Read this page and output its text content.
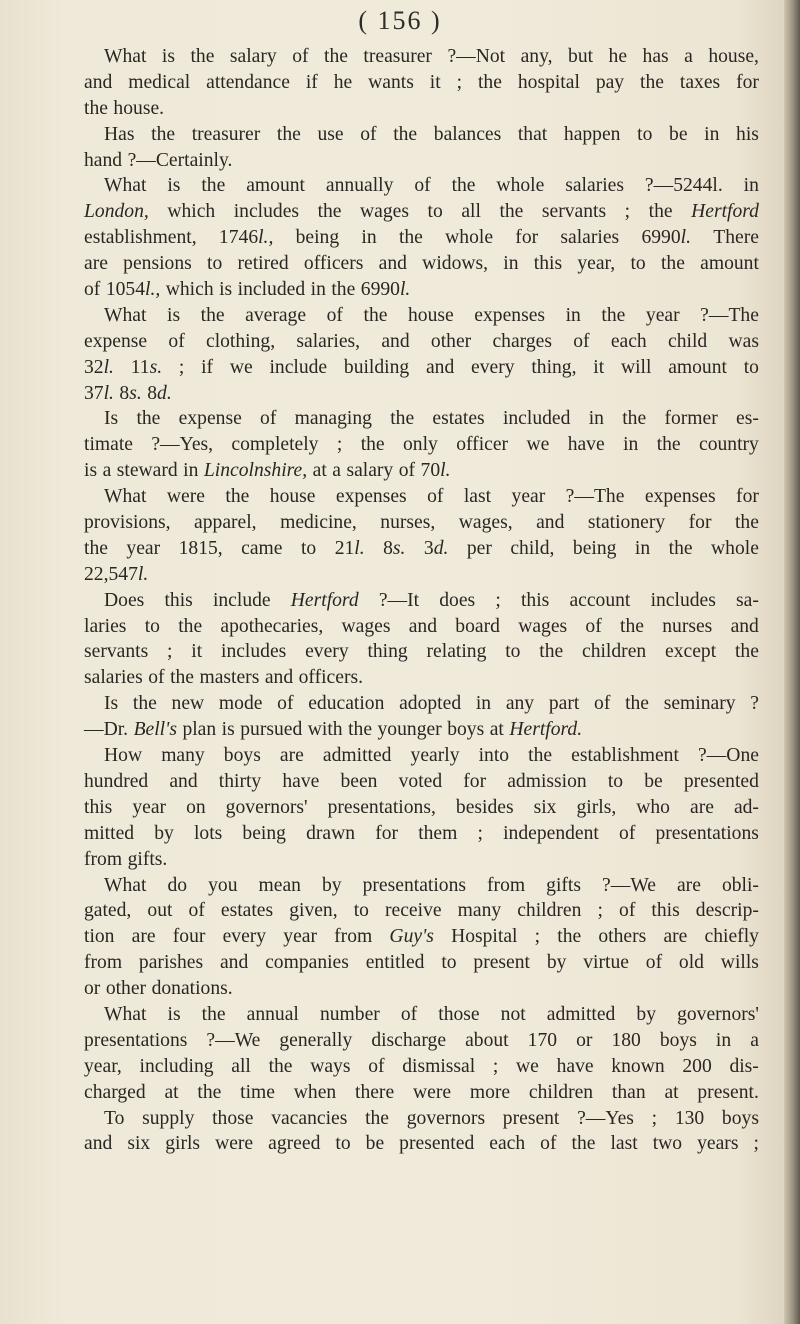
( 156 )
What is the salary of the treasurer ?—Not any, but he has a house,
and medical attendance if he wants it ; the hospital pay the taxes for
the house.
Has the treasurer the use of the balances that happen to be in his
hand ?—Certainly.
What is the amount annually of the whole salaries ?—5244l. in
London, which includes the wages to all the servants ; the Hertford
establishment, 1746l., being in the whole for salaries 6990l. There
are pensions to retired officers and widows, in this year, to the amount
of 1054l., which is included in the 6990l.
What is the average of the house expenses in the year ?—The
expense of clothing, salaries, and other charges of each child was
32l. 11s. ; if we include building and every thing, it will amount to
37l. 8s. 8d.
Is the expense of managing the estates included in the former es-
timate ?—Yes, completely ; the only officer we have in the country
is a steward in Lincolnshire, at a salary of 70l.
What were the house expenses of last year ?—The expenses for
provisions, apparel, medicine, nurses, wages, and stationery for the
the year 1815, came to 21l. 8s. 3d. per child, being in the whole
22,547l.
Does this include Hertford ?—It does ; this account includes sa-
laries to the apothecaries, wages and board wages of the nurses and
servants ; it includes every thing relating to the children except the
salaries of the masters and officers.
Is the new mode of education adopted in any part of the seminary ?
—Dr. Bell's plan is pursued with the younger boys at Hertford.
How many boys are admitted yearly into the establishment ?—One
hundred and thirty have been voted for admission to be presented
this year on governors' presentations, besides six girls, who are ad-
mitted by lots being drawn for them ; independent of presentations
from gifts.
What do you mean by presentations from gifts ?—We are obli-
gated, out of estates given, to receive many children ; of this descrip-
tion are four every year from Guy's Hospital ; the others are chiefly
from parishes and companies entitled to present by virtue of old wills
or other donations.
What is the annual number of those not admitted by governors'
presentations ?—We generally discharge about 170 or 180 boys in a
year, including all the ways of dismissal ; we have known 200 dis-
charged at the time when there were more children than at present.
To supply those vacancies the governors present ?—Yes ; 130 boys
and six girls were agreed to be presented each of the last two years ;
